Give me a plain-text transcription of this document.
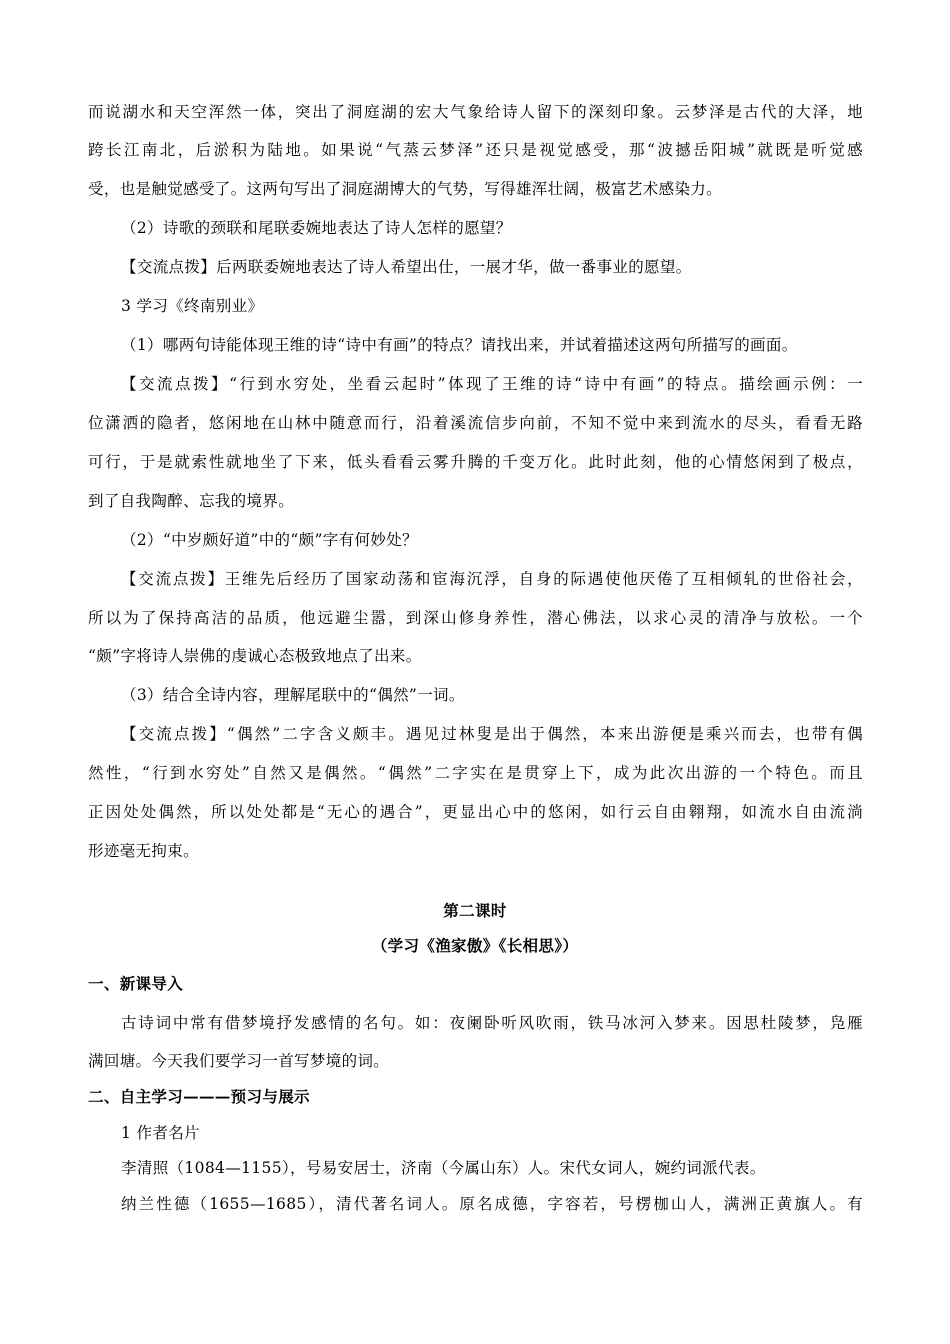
而说湖水和天空浑然一体，突出了洞庭湖的宏大气象给诗人留下的深刻印象。云梦泽是古代的大泽，地
跨长江南北，后淤积为陆地。如果说“气蒸云梦泽”还只是视觉感受，那“波撼岳阳城”就既是听觉感
受，也是触觉感受了。这两句写出了洞庭湖博大的气势，写得雄浑壮阔，极富艺术感染力。
（2）诗歌的颈联和尾联委婉地表达了诗人怎样的愿望？
【交流点拨】后两联委婉地表达了诗人希望出仕，一展才华，做一番事业的愿望。
3 学习《终南别业》
（1）哪两句诗能体现王维的诗“诗中有画”的特点？请找出来，并试着描述这两句所描写的画面。
【交流点拨】“行到水穷处，坐看云起时”体现了王维的诗“诗中有画”的特点。描绘画示例：一
位潇洒的隐者，悠闲地在山林中随意而行，沿着溪流信步向前，不知不觉中来到流水的尽头，看看无路
可行，于是就索性就地坐了下来，低头看看云雾升腾的千变万化。此时此刻，他的心情悠闲到了极点，
到了自我陶醉、忘我的境界。
（2）“中岁颇好道”中的“颇”字有何妙处？
【交流点拨】王维先后经历了国家动荡和宦海沉浮，自身的际遇使他厌倦了互相倾轧的世俗社会，
所以为了保持高洁的品质，他远避尘嚣，到深山修身养性，潜心佛法，以求心灵的清净与放松。一个
“颇”字将诗人崇佛的虔诚心态极致地点了出来。
（3）结合全诗内容，理解尾联中的“偶然”一词。
【交流点拨】“偶然”二字含义颇丰。遇见过林叟是出于偶然，本来出游便是乘兴而去，也带有偶
然性，“行到水穷处”自然又是偶然。“偶然”二字实在是贯穿上下，成为此次出游的一个特色。而且
正因处处偶然，所以处处都是“无心的遇合”，更显出心中的悠闲，如行云自由翱翔，如流水自由流淌
形迹毫无拘束。
第二课时
（学习《渔家傲》《长相思》）
一、新课导入
古诗词中常有借梦境抒发感情的名句。如：夜阑卧听风吹雨，铁马冰河入梦来。因思杜陵梦，凫雁
满回塘。今天我们要学习一首写梦境的词。
二、自主学习———预习与展示
1 作者名片
李清照（1084—1155），号易安居士，济南（今属山东）人。宋代女词人，婉约词派代表。
纳兰性德（1655—1685），清代著名词人。原名成德，字容若，号楞枷山人，满洲正黄旗人。有
